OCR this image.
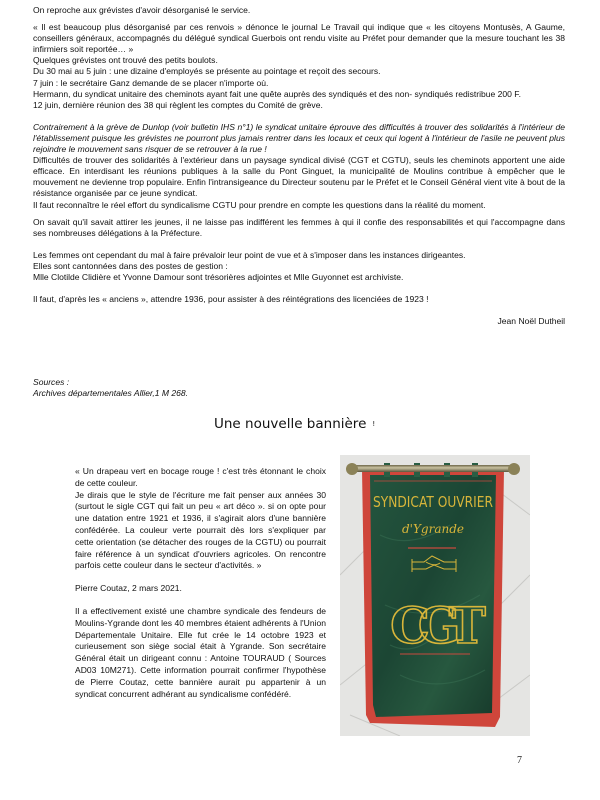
On reproche aux grévistes d'avoir désorganisé le service.

« Il est beaucoup plus désorganisé par ces renvois » dénonce le journal Le Travail qui indique que « les citoyens Montusès, A Gaume, conseillers généraux, accompagnés du délégué syndical Guerbois ont rendu visite au Préfet pour demander que la mesure touchant les 38 infirmiers soit reportée… »

Quelques grévistes ont trouvé des petits boulots.

Du 30 mai au 5 juin : une dizaine d'employés se présente au pointage et reçoit des secours.

7 juin : le secrétaire Ganz demande de se placer n'importe où.

Hermann, du syndicat unitaire des cheminots ayant fait une quête auprès des syndiqués et des non- syndiqués redistribue 200 F.

12 juin, dernière réunion des 38 qui règlent les comptes du Comité de grève.

Contrairement à la grève de Dunlop (voir bulletin IHS n°1) le syndicat unitaire éprouve des difficultés à trouver des solidarités à l'intérieur de l'établissement puisque les grévistes ne pourront plus jamais rentrer dans les locaux et ceux qui logent à l'intérieur de l'asile ne peuvent plus rejoindre le mouvement sans risquer de se retrouver à la rue !

Difficultés de trouver des solidarités à l'extérieur dans un paysage syndical divisé (CGT et CGTU), seuls les cheminots apportent une aide efficace. En interdisant les réunions publiques à la salle du Pont Ginguet, la municipalité de Moulins contribue à empêcher que le mouvement ne devienne trop populaire. Enfin l'intransigeance du Directeur soutenu par le Préfet et le Conseil Général vient vite à bout de la résistance organisée par ce jeune syndicat.

Il faut reconnaître le réel effort du syndicalisme CGTU pour prendre en compte les questions dans la réalité du moment.

On savait qu'il savait attirer les jeunes, il ne laisse pas indifférent les femmes à qui il confie des responsabilités et qui l'accompagne dans ses nombreuses délégations à la Préfecture.

Les femmes ont cependant du mal à faire prévaloir leur point de vue et à s'imposer dans les instances dirigeantes.

Elles sont cantonnées dans des postes de gestion :

Mlle Clotilde Clidière et Yvonne Damour sont trésorières adjointes et Mlle Guyonnet est archiviste.

Il faut, d'après les « anciens », attendre 1936, pour assister à des réintégrations des licenciées de 1923 !

Jean Noël Dutheil

Sources :

Archives départementales Allier,1 M 268.

Une nouvelle bannière !

« Un drapeau vert en bocage rouge ! c'est très étonnant le choix de cette couleur.

Je dirais que le style de l'écriture me fait penser aux années 30 (surtout le sigle CGT qui fait un peu « art déco ». si on opte pour une datation entre 1921 et 1936, il s'agirait alors d'une bannière confédérée. La couleur verte pourrait dès lors s'expliquer par cette orientation (se détacher des rouges de la CGTU) ou pourrait faire référence à un syndicat d'ouvriers agricoles. On rencontre parfois cette couleur dans le secteur d'activités. »

Pierre Coutaz, 2 mars 2021.

Il a effectivement existé une chambre syndicale des fendeurs de Moulins-Ygrande dont les 40 membres étaient adhérents à l'Union Départementale Unitaire. Elle fut crée le 14 octobre 1923 et curieusement son siège social était à Ygrande. Son secrétaire Général était un dirigeant connu : Antoine TOURAUD ( Sources AD03 10M271). Cette information pourrait confirmer l'hypothèse de Pierre Coutaz, cette bannière aurait pu appartenir à un syndicat concurrent adhérant au syndicalisme confédéré.

SYNDICAT OUVRIER
d'Ygrande
CGT
7
